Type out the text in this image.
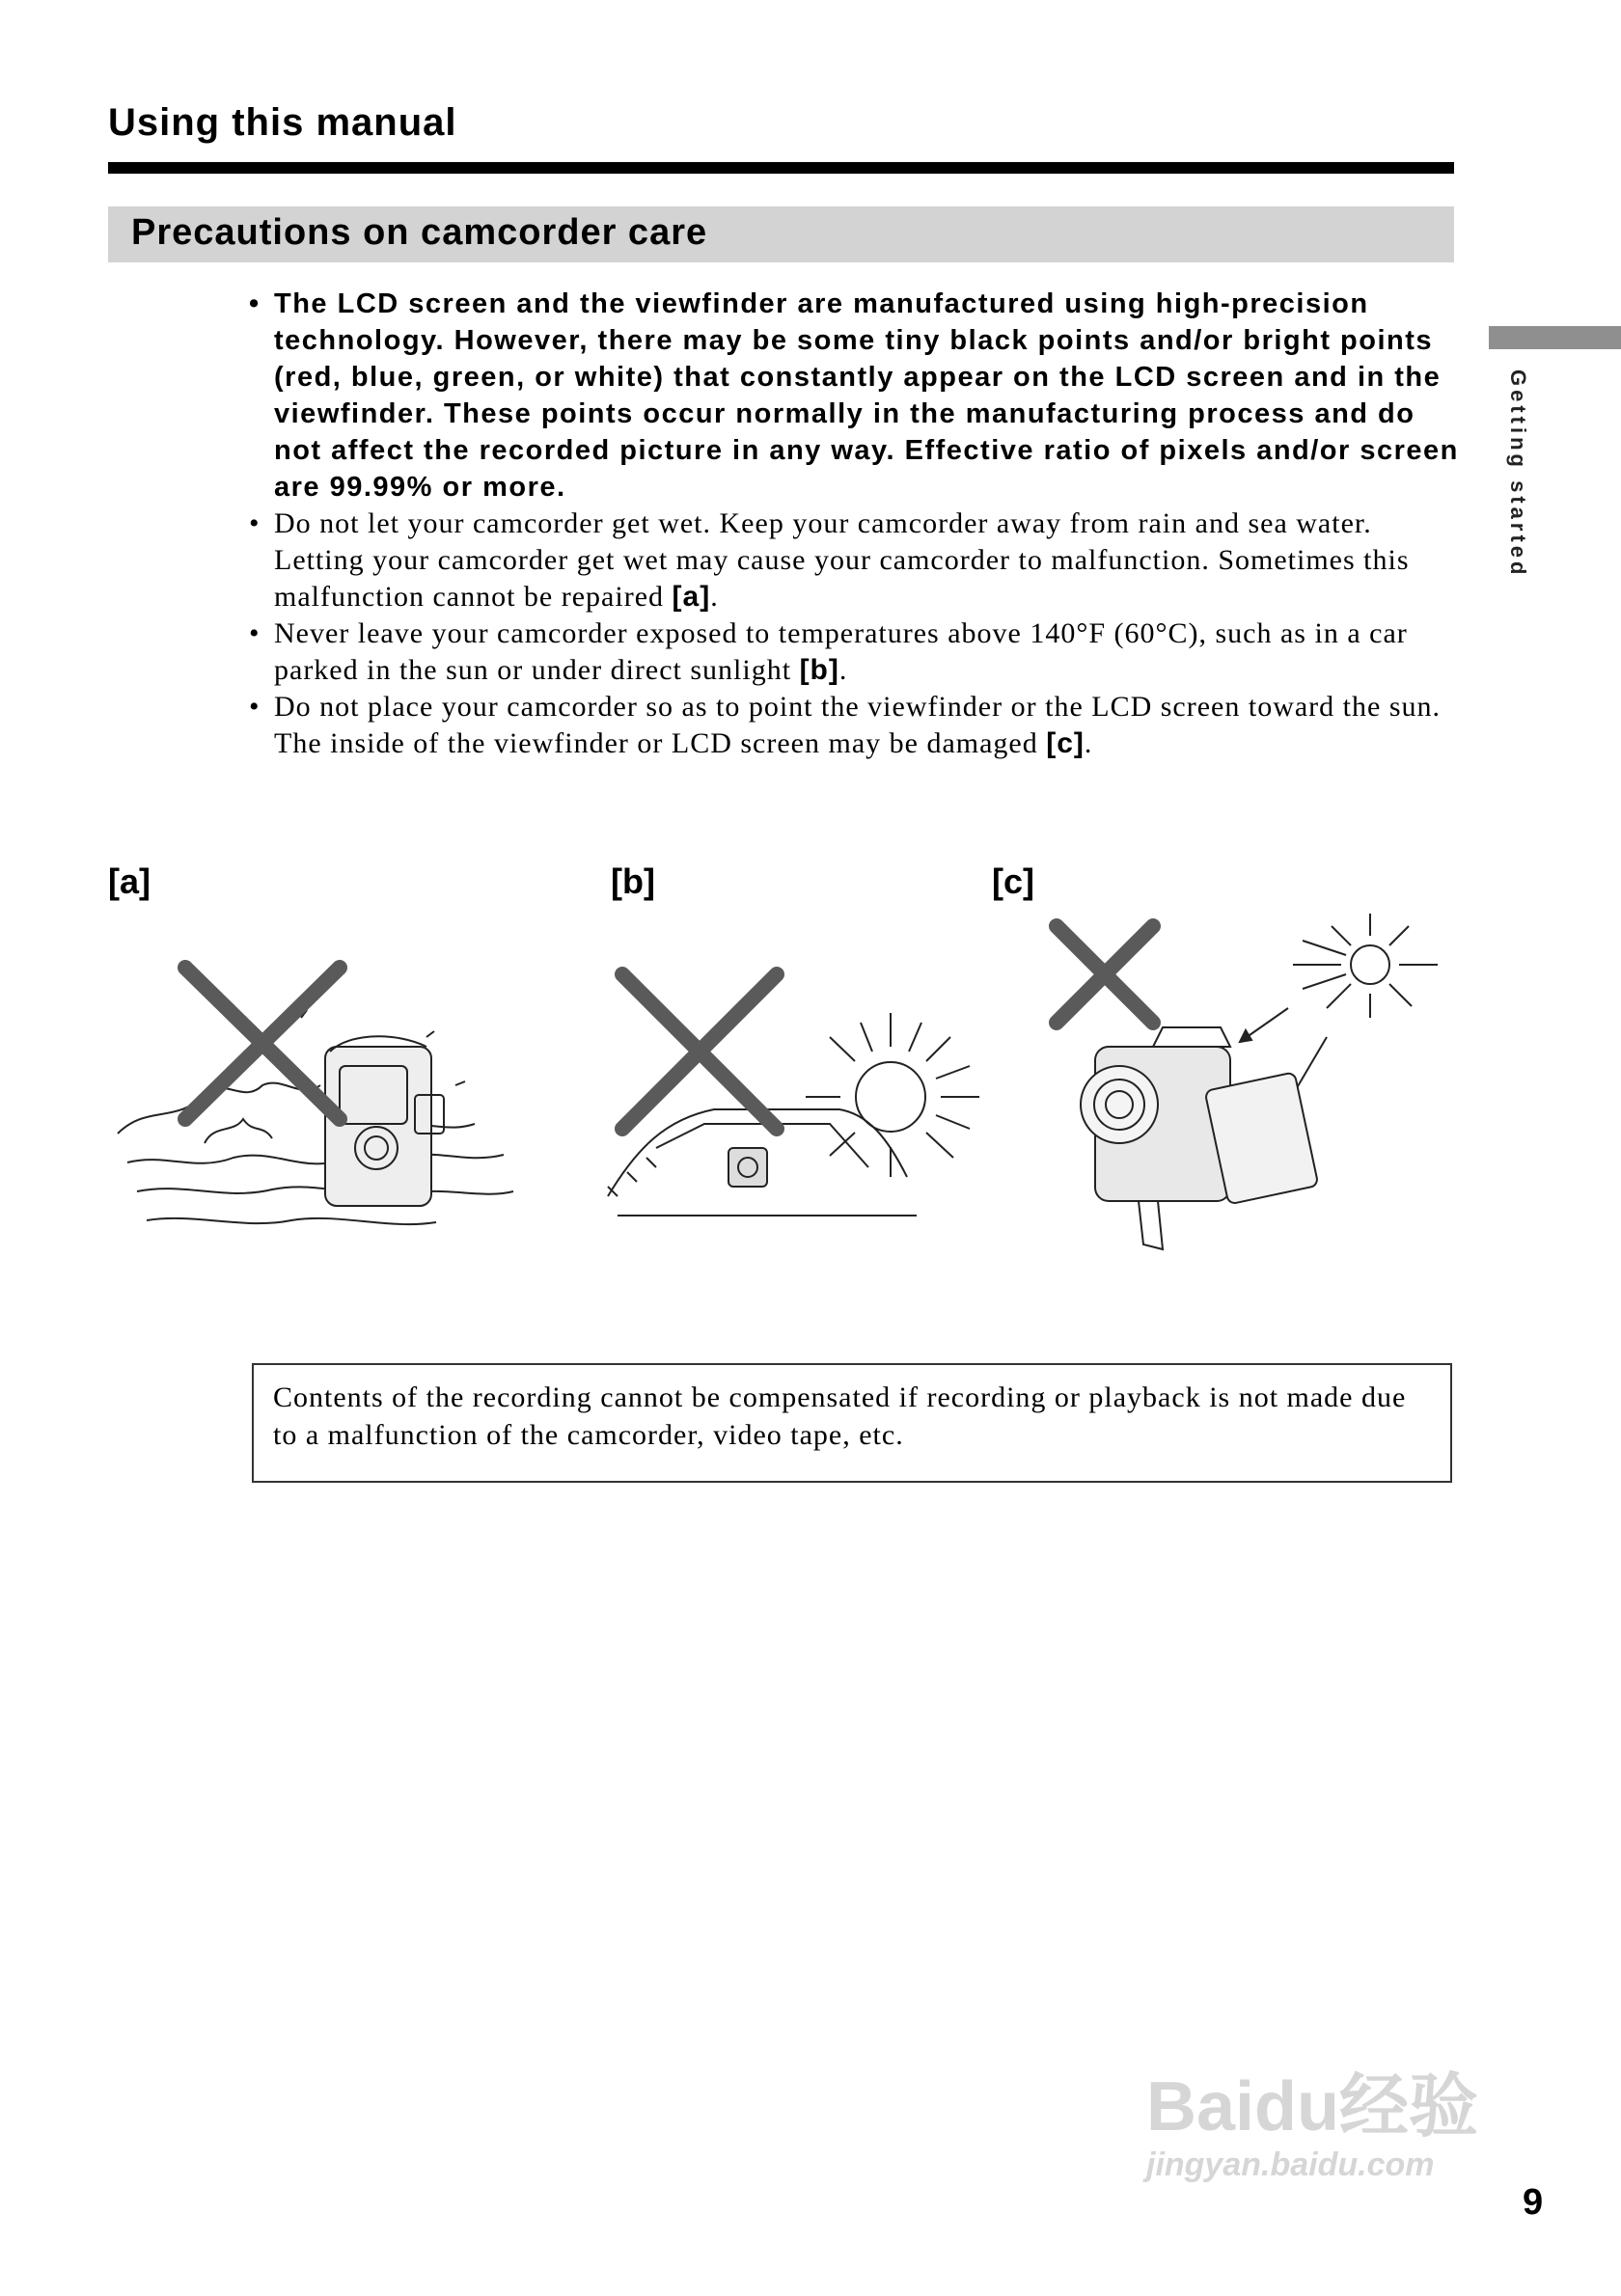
Using this manual
Precautions on camcorder care
Getting started
• The LCD screen and the viewfinder are manufactured using high-precision technology. However, there may be some tiny black points and/or bright points (red, blue, green, or white) that constantly appear on the LCD screen and in the viewfinder. These points occur normally in the manufacturing process and do not affect the recorded picture in any way. Effective ratio of pixels and/or screen are 99.99% or more.
• Do not let your camcorder get wet. Keep your camcorder away from rain and sea water. Letting your camcorder get wet may cause your camcorder to malfunction. Sometimes this malfunction cannot be repaired [a].
• Never leave your camcorder exposed to temperatures above 140°F (60°C), such as in a car parked in the sun or under direct sunlight [b].
• Do not place your camcorder so as to point the viewfinder or the LCD screen toward the sun. The inside of the viewfinder or LCD screen may be damaged [c].
[a]	[b]	[c]
Contents of the recording cannot be compensated if recording or playback is not made due to a malfunction of the camcorder, video tape, etc.
Baidu经验
jingyan.baidu.com
9
